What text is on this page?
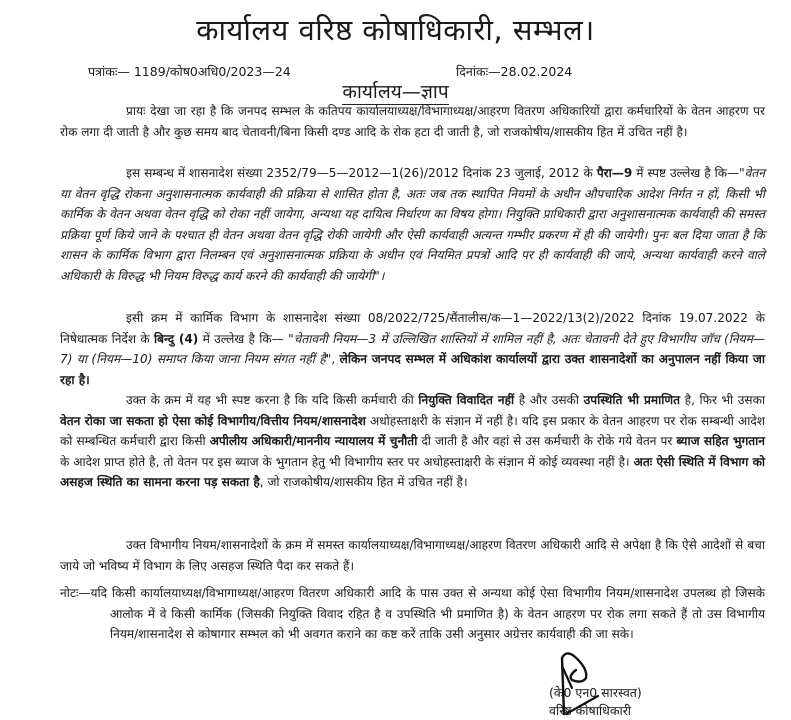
कार्यालय वरिष्ठ कोषाधिकारी, सम्भल।
पत्रांकः— 1189/कोष0अधि0/2023—24	दिनांकः—28.02.2024
कार्यालय—ज्ञाप
प्रायः देखा जा रहा है कि जनपद सम्भल के कतिपय कार्यालयाध्यक्ष/विभागाध्यक्ष/आहरण वितरण अधिकारियों द्वारा कर्मचारियों के वेतन आहरण पर रोक लगा दी जाती है और कुछ समय बाद चेतावनी/बिना किसी दण्ड आदि के रोक हटा दी जाती है, जो राजकोषीय/शासकीय हित में उचित नहीं है।
इस सम्बन्ध में शासनादेश संख्या 2352/79—5—2012—1(26)/2012 दिनांक 23 जुलाई, 2012 के पैरा—9 में स्पष्ट उल्लेख है कि—"वेतन या वेतन वृद्धि रोकना अनुशासनात्मक कार्यवाही की प्रक्रिया से शासित होता है, अतः जब तक स्थापित नियमों के अधीन औपचारिक आदेश निर्गत न हों, किसी भी कार्मिक के वेतन अथवा वेतन वृद्धि को रोका नहीं जायेगा, अन्यथा यह दायित्व निर्धारण का विषय होगा। नियुक्ति प्राधिकारी द्वारा अनुशासनात्मक कार्यवाही की समस्त प्रक्रिया पूर्ण किये जाने के पश्चात ही वेतन अथवा वेतन वृद्धि रोकी जायेगी और ऐसी कार्यवाही अत्यन्त गम्भीर प्रकरण में ही की जायेगी। पुनः बल दिया जाता है कि शासन के कार्मिक विभाग द्वारा निलम्बन एवं अनुशासनात्मक प्रक्रिया के अधीन एवं नियमित प्रपत्रों आदि पर ही कार्यवाही की जाये, अन्यथा कार्यवाही करने वाले अधिकारी के विरुद्ध भी नियम विरुद्ध कार्य करने की कार्यवाही की जायेगी"।
इसी क्रम में कार्मिक विभाग के शासनादेश संख्या 08/2022/725/सैंतालीस/क—1—2022/13(2)/2022 दिनांक 19.07.2022 के निषेधात्मक निर्देश के बिन्दु (4) में उल्लेख है कि— "चेतावनी नियम—3 में उल्लिखित शास्तियों में शामिल नहीं है, अतः चेतावनी देते हुए विभागीय जॉच (नियम—7) या (नियम—10) समाप्त किया जाना नियम संगत नहीं है", लेकिन जनपद सम्भल में अधिकांश कार्यालयों द्वारा उक्त शासनादेशों का अनुपालन नहीं किया जा रहा है।
उक्त के क्रम में यह भी स्पष्ट करना है कि यदि किसी कर्मचारी की नियुक्ति विवादित नहीं है और उसकी उपस्थिति भी प्रमाणित है, फिर भी उसका वेतन रोका जा सकता हो ऐसा कोई विभागीय/वित्तीय नियम/शासनादेश अधोहस्ताक्षरी के संज्ञान में नहीं है। यदि इस प्रकार के वेतन आहरण पर रोक सम्बन्धी आदेश को सम्बन्धित कर्मचारी द्वारा किसी अपीलीय अधिकारी/माननीय न्यायालय में चुनौती दी जाती है और वहां से उस कर्मचारी के रोके गये वेतन पर ब्याज सहित भुगतान के आदेश प्राप्त होते है, तो वेतन पर इस ब्याज के भुगतान हेतु भी विभागीय स्तर पर अधोहस्ताक्षरी के संज्ञान में कोई व्यवस्था नहीं है। अतः ऐसी स्थिति में विभाग को असहज स्थिति का सामना करना पड़ सकता है, जो राजकोषीय/शासकीय हित में उचित नहीं है।
उक्त विभागीय नियम/शासनादेशों के क्रम में समस्त कार्यालयाध्यक्ष/विभागाध्यक्ष/आहरण वितरण अधिकारी आदि से अपेक्षा है कि ऐसे आदेशों से बचा जाये जो भविष्य में विभाग के लिए असहज स्थिति पैदा कर सकते हैं।
नोटः—यदि किसी कार्यालयाध्यक्ष/विभागाध्यक्ष/आहरण वितरण अधिकारी आदि के पास उक्त से अन्यथा कोई ऐसा विभागीय नियम/शासनादेश उपलब्ध हो जिसके आलोक में वे किसी कार्मिक (जिसकी नियुक्ति विवाद रहित है व उपस्थिति भी प्रमाणित है) के वेतन आहरण पर रोक लगा सकते हैं तो उस विभागीय नियम/शासनादेश से कोषागार सम्भल को भी अवगत कराने का कष्ट करें ताकि उसी अनुसार अग्रेत्तर कार्यवाही की जा सके।
(के0 एन0 सारस्वत)
वरिष्ठ कोषाधिकारी
